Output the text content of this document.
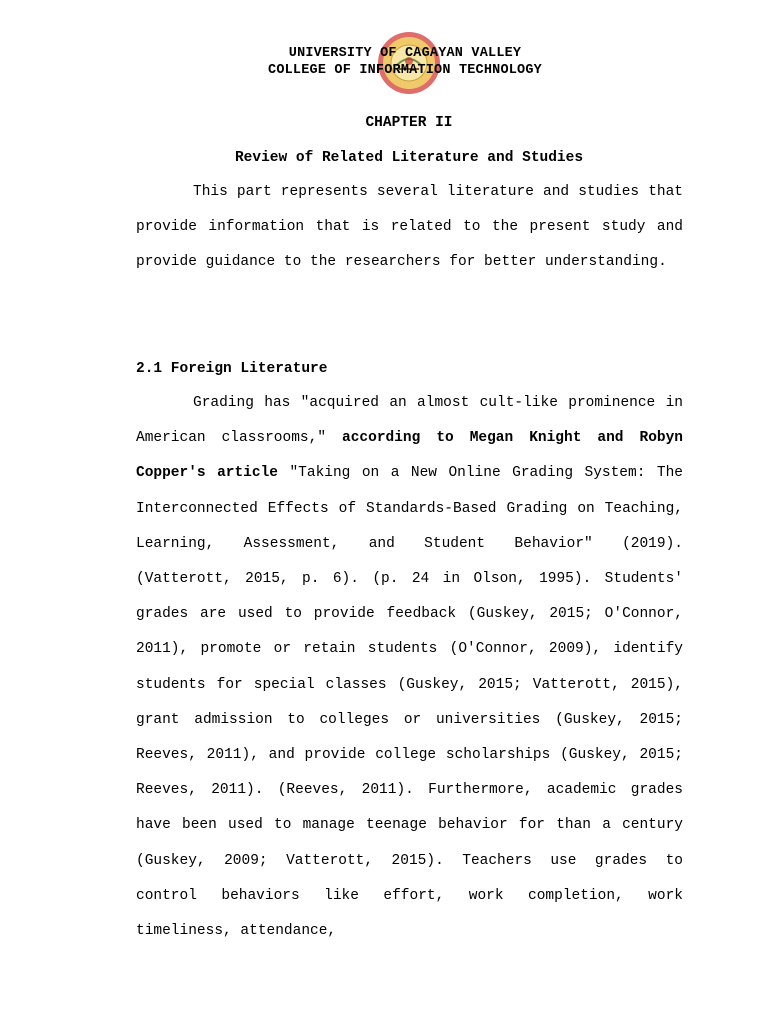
UNIVERSITY OF CAGAYAN VALLEY
COLLEGE OF INFORMATION TECHNOLOGY
CHAPTER II
Review of Related Literature and Studies

This part represents several literature and studies that provide information that is related to the present study and provide guidance to the researchers for better understanding.

2.1 Foreign Literature

Grading has "acquired an almost cult-like prominence in American classrooms," according to Megan Knight and Robyn Copper's article "Taking on a New Online Grading System: The Interconnected Effects of Standards-Based Grading on Teaching, Learning, Assessment, and Student Behavior" (2019). (Vatterott, 2015, p. 6). (p. 24 in Olson, 1995). Students' grades are used to provide feedback (Guskey, 2015; O'Connor, 2011), promote or retain students (O'Connor, 2009), identify students for special classes (Guskey, 2015; Vatterott, 2015), grant admission to colleges or universities (Guskey, 2015; Reeves, 2011), and provide college scholarships (Guskey, 2015; Reeves, 2011). (Reeves, 2011). Furthermore, academic grades have been used to manage teenage behavior for than a century (Guskey, 2009; Vatterott, 2015). Teachers use grades to control behaviors like effort, work completion, work timeliness, attendance,
